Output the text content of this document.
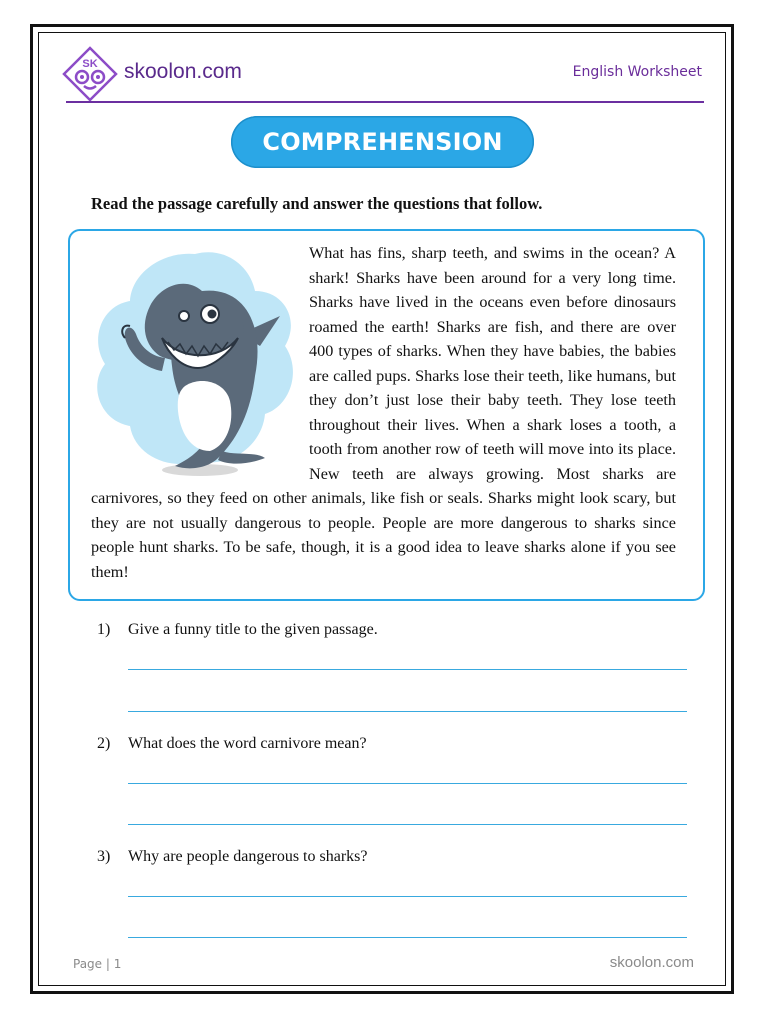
SK skoolon.com	English Worksheet
COMPREHENSION
Read the passage carefully and answer the questions that follow.
What has fins, sharp teeth, and swims in the ocean? A shark! Sharks have been around for a very long time. Sharks have lived in the oceans even before dinosaurs roamed the earth! Sharks are fish, and there are over 400 types of sharks. When they have babies, the babies are called pups. Sharks lose their teeth, like humans, but they don’t just lose their baby teeth. They lose teeth throughout their lives. When a shark loses a tooth, a tooth from another row of teeth will move into its place. New teeth are always growing. Most sharks are carnivores, so they feed on other animals, like fish or seals. Sharks might look scary, but they are not usually dangerous to people. People are more dangerous to sharks since people hunt sharks. To be safe, though, it is a good idea to leave sharks alone if you see them!
1) Give a funny title to the given passage.
2) What does the word carnivore mean?
3) Why are people dangerous to sharks?
Page | 1	skoolon.com
